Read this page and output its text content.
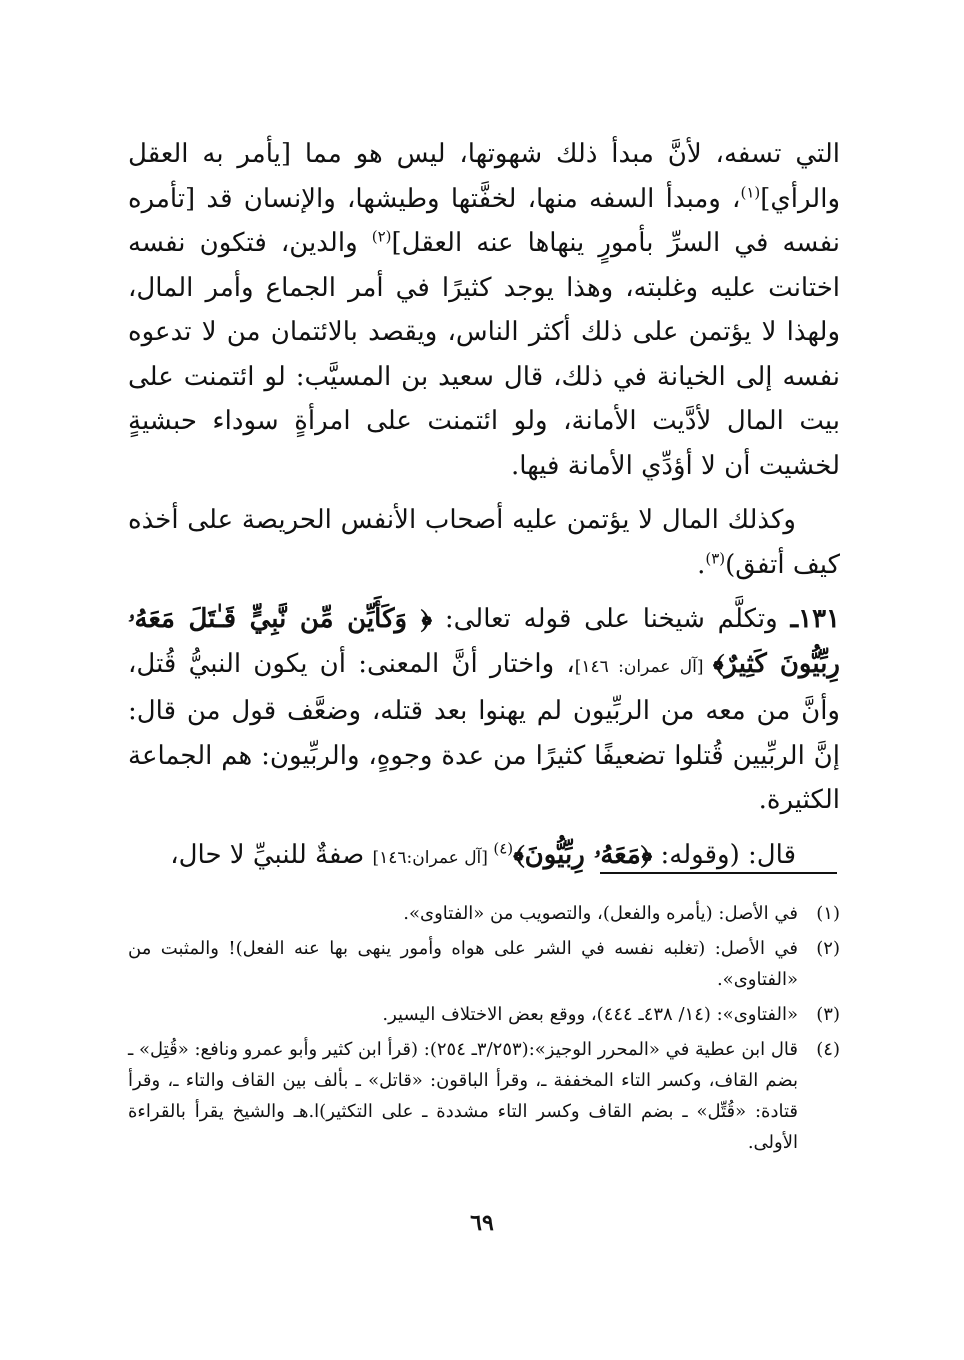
التي تسفه، لأنَّ مبدأ ذلك شهوتها، ليس هو مما [يأمر به العقل والرأي]$^{(١)}$، ومبدأ السفه منها، لخفَّتها وطيشها، والإنسان قد [تأمره نفسه في السرِّ بأمورٍ ينهاها عنه العقل]$^{(٢)}$ والدين، فتكون نفسه اختانت عليه وغلبته، وهذا يوجد كثيرًا في أمر الجماع وأمر المال، ولهذا لا يؤتمن على ذلك أكثر الناس، ويقصد بالائتمان من لا تدعوه نفسه إلى الخيانة في ذلك، قال سعيد بن المسيَّب: لو ائتمنت على بيت المال لأدَّيت الأمانة، ولو ائتمنت على امرأةٍ سوداء حبشيةٍ لخشيت أن لا أؤدِّي الأمانة فيها.

وكذلك المال لا يؤتمن عليه أصحاب الأنفس الحريصة على أخذه كيف أتفق)$^{(٣)}$.

١٣١ـ وتكلَّم شيخنا على قوله تعالى: ﴿ وَكَأَيِّن مِّن نَّبِيٍّ قَـٰتَلَ مَعَهُۥ رِبِّيُّونَ كَثِيرٌ﴾ [آل عمران: ١٤٦]، واختار أنَّ المعنى: أن يكون النبيُّ قُتل، وأنَّ من معه من الربِّيون لم يهنوا بعد قتله، وضعَّف قول من قال: إنَّ الربِّيين قُتلوا تضعيفًا كثيرًا من عدة وجوهٍ، والربِّيون: هم الجماعة الكثيرة.

قال: (وقوله: ﴿مَعَهُۥ رِبِّيُّونَ﴾$^{(٤)}$ [آل عمران:١٤٦] صفةٌ للنبيِّ لا حال،

(١)
في الأصل: (يأمره والفعل)، والتصويب من «الفتاوى».
(٢)
في الأصل: (تغلبه نفسه في الشر على هواه وأمور ينهى بها عنه الفعل)! والمثبت من «الفتاوى».
(٣)
«الفتاوى»: (١٤/ ٤٣٨ـ ٤٤٤)، ووقع بعض الاختلاف اليسير.
(٤)
قال ابن عطية في «المحرر الوجيز»:(٣/٢٥٣ـ ٢٥٤): (قرأ ابن كثير وأبو عمرو ونافع: «قُتِل» ـ بضم القاف، وكسر التاء المخففة ـ، وقرأ الباقون: «قاتل» ـ بألف بين القاف والتاء ـ، وقرأ قتادة: «قُتِّل» ـ بضم القاف وكسر التاء مشددة ـ على التكثير)ا.هـ والشيخ يقرأ بالقراءة الأولى.
٦٩
